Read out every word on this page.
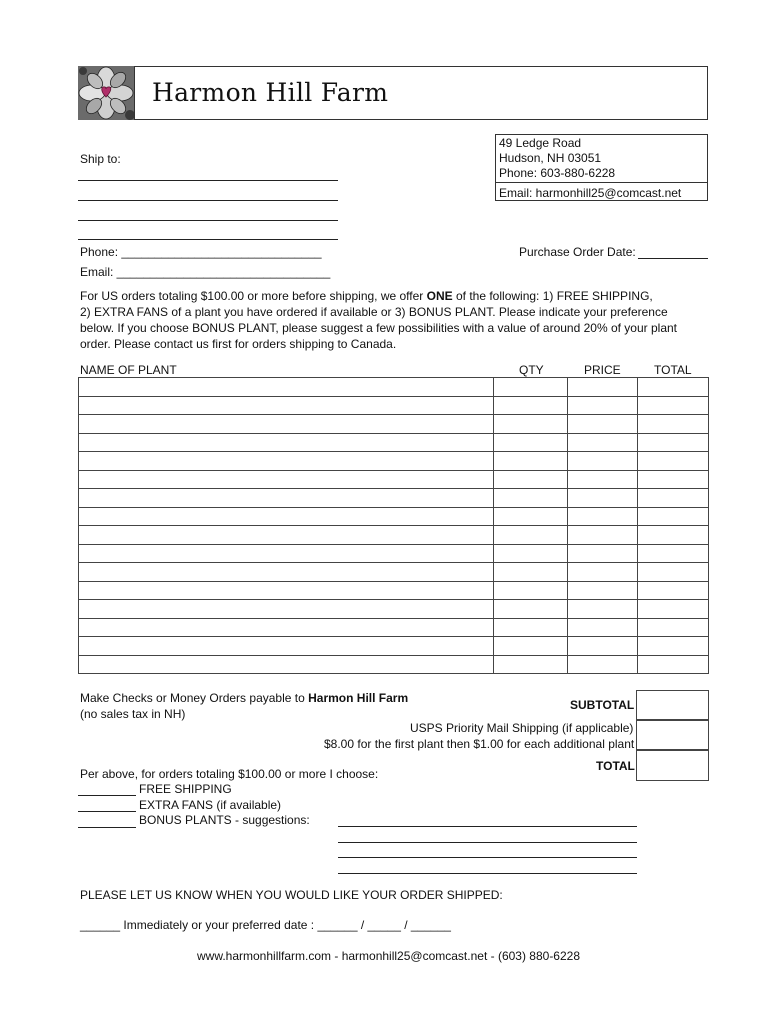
Harmon Hill Farm
49 Ledge Road
Hudson, NH 03051
Phone: 603-880-6228
Email: harmonhill25@comcast.net
Ship to:
Phone: ______________________________
Email: ________________________________
Purchase Order Date:
For US orders totaling $100.00 or more before shipping, we offer ONE of the following: 1) FREE SHIPPING,
2) EXTRA FANS of a plant you have ordered if available or 3) BONUS PLANT. Please indicate your preference
below. If you choose BONUS PLANT, please suggest a few possibilities with a value of around 20% of your plant
order. Please contact us first for orders shipping to Canada.
NAME OF PLANT	QTY	PRICE	TOTAL

Make Checks or Money Orders payable to Harmon Hill Farm
(no sales tax in NH)
SUBTOTAL
USPS Priority Mail Shipping (if applicable)
$8.00 for the first plant then $1.00 for each additional plant
TOTAL
Per above, for orders totaling $100.00 or more I choose:
FREE SHIPPING
EXTRA FANS (if available)
BONUS PLANTS - suggestions:
PLEASE LET US KNOW WHEN YOU WOULD LIKE YOUR ORDER SHIPPED:
______ Immediately or your preferred date : ______ / _____ / ______
www.harmonhillfarm.com - harmonhill25@comcast.net - (603) 880-6228
